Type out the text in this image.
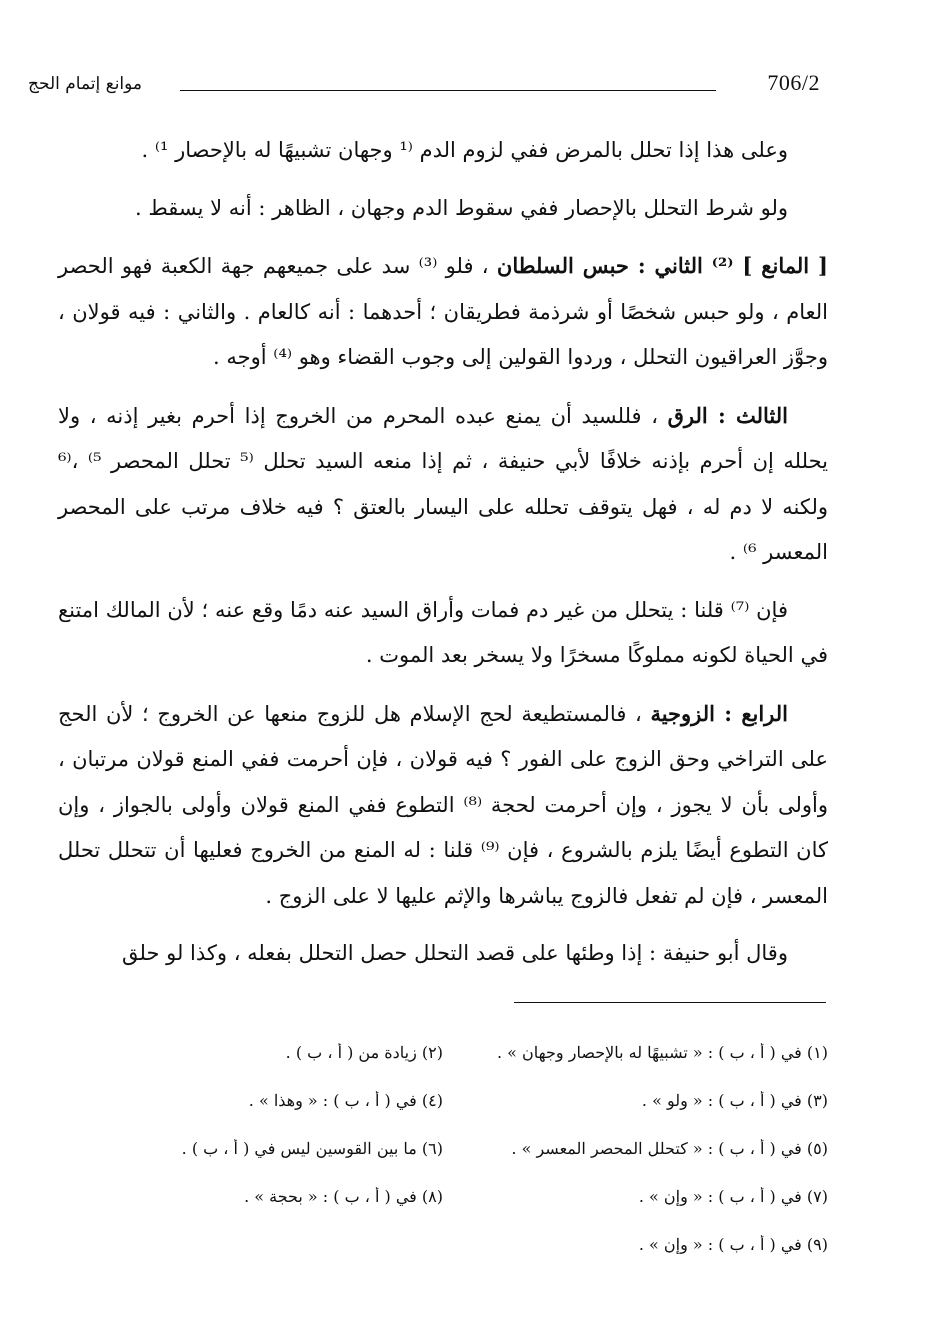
موانع إتمام الحج	706/2

وعلى هذا إذا تحلل بالمرض ففي لزوم الدم ⁽¹ وجهان تشبيهًا له بالإحصار ¹⁾ .

ولو شرط التحلل بالإحصار ففي سقوط الدم وجهان ، الظاهر : أنه لا يسقط .

[ المانع ] ⁽²⁾ الثاني : حبس السلطان ، فلو ⁽³⁾ سد على جميعهم جهة الكعبة فهو الحصر العام ، ولو حبس شخصًا أو شرذمة فطريقان ؛ أحدهما : أنه كالعام . والثاني : فيه قولان ، وجوَّز العراقيون التحلل ، وردوا القولين إلى وجوب القضاء وهو ⁽⁴⁾ أوجه .

الثالث : الرق ، فللسيد أن يمنع عبده المحرم من الخروج إذا أحرم بغير إذنه ، ولا يحلله إن أحرم بإذنه خلافًا لأبي حنيفة ، ثم إذا منعه السيد تحلل ⁽⁵ تحلل المحصر ⁵⁾ ،⁽⁶ ولكنه لا دم له ، فهل يتوقف تحلله على اليسار بالعتق ؟ فيه خلاف مرتب على المحصر المعسر ⁶⁾ .

فإن ⁽⁷⁾ قلنا : يتحلل من غير دم فمات وأراق السيد عنه دمًا وقع عنه ؛ لأن المالك امتنع في الحياة لكونه مملوكًا مسخرًا ولا يسخر بعد الموت .

الرابع : الزوجية ، فالمستطيعة لحج الإسلام هل للزوج منعها عن الخروج ؛ لأن الحج على التراخي وحق الزوج على الفور ؟ فيه قولان ، فإن أحرمت ففي المنع قولان مرتبان ، وأولى بأن لا يجوز ، وإن أحرمت لحجة ⁽⁸⁾ التطوع ففي المنع قولان وأولى بالجواز ، وإن كان التطوع أيضًا يلزم بالشروع ، فإن ⁽⁹⁾ قلنا : له المنع من الخروج فعليها أن تتحلل تحلل المعسر ، فإن لم تفعل فالزوج يباشرها والإثم عليها لا على الزوج .

وقال أبو حنيفة : إذا وطئها على قصد التحلل حصل التحلل بفعله ، وكذا لو حلق

(١) في ( أ ، ب ) : « تشبيهًا له بالإحصار وجهان » .
(٢) زيادة من ( أ ، ب ) .
(٣) في ( أ ، ب ) : « ولو » .
(٤) في ( أ ، ب ) : « وهذا » .
(٥) في ( أ ، ب ) : « كتحلل المحصر المعسر » .
(٦) ما بين القوسين ليس في ( أ ، ب ) .
(٧) في ( أ ، ب ) : « وإن » .
(٨) في ( أ ، ب ) : « بحجة » .
(٩) في ( أ ، ب ) : « وإن » .
